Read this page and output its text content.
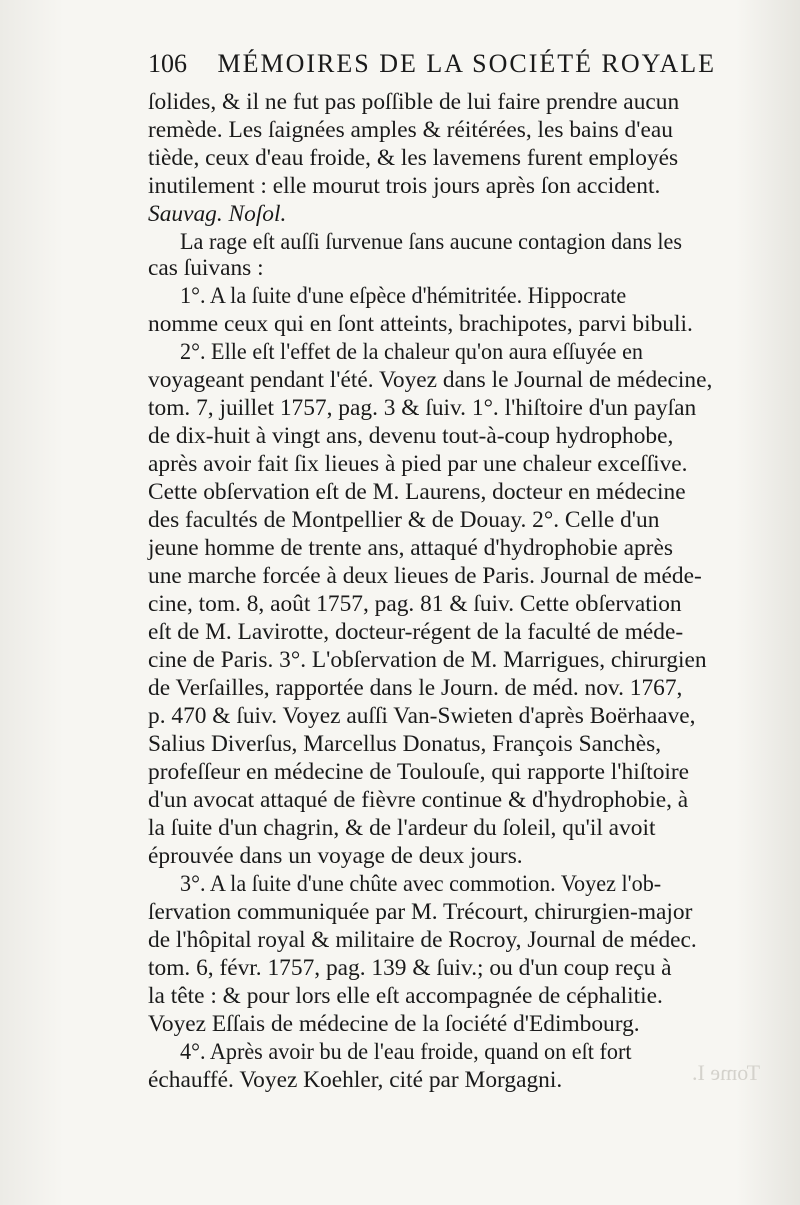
106 MÉMOIRES DE LA SOCIÉTÉ ROYALE
ſolides, & il ne fut pas poſſible de lui faire prendre aucun
remède. Les ſaignées amples & réitérées, les bains d'eau
tiède, ceux d'eau froide, & les lavemens furent employés
inutilement : elle mourut trois jours après ſon accident.
Sauvag. Noſol.
La rage eſt auſſi ſurvenue ſans aucune contagion dans les
cas ſuivans :
1°. A la ſuite d'une eſpèce d'hémitritée. Hippocrate
nomme ceux qui en ſont atteints, brachipotes, parvi bibuli.
2°. Elle eſt l'effet de la chaleur qu'on aura eſſuyée en
voyageant pendant l'été. Voyez dans le Journal de médecine,
tom. 7, juillet 1757, pag. 3 & ſuiv. 1°. l'hiſtoire d'un payſan
de dix-huit à vingt ans, devenu tout-à-coup hydrophobe,
après avoir fait ſix lieues à pied par une chaleur exceſſive.
Cette obſervation eſt de M. Laurens, docteur en médecine
des facultés de Montpellier & de Douay. 2°. Celle d'un
jeune homme de trente ans, attaqué d'hydrophobie après
une marche forcée à deux lieues de Paris. Journal de méde-
cine, tom. 8, août 1757, pag. 81 & ſuiv. Cette obſervation
eſt de M. Lavirotte, docteur-régent de la faculté de méde-
cine de Paris. 3°. L'obſervation de M. Marrigues, chirurgien
de Verſailles, rapportée dans le Journ. de méd. nov. 1767,
p. 470 & ſuiv. Voyez auſſi Van-Swieten d'après Boërhaave,
Salius Diverſus, Marcellus Donatus, François Sanchès,
profeſſeur en médecine de Toulouſe, qui rapporte l'hiſtoire
d'un avocat attaqué de fièvre continue & d'hydrophobie, à
la ſuite d'un chagrin, & de l'ardeur du ſoleil, qu'il avoit
éprouvée dans un voyage de deux jours.
3°. A la ſuite d'une chûte avec commotion. Voyez l'ob-
ſervation communiquée par M. Trécourt, chirurgien-major
de l'hôpital royal & militaire de Rocroy, Journal de médec.
tom. 6, févr. 1757, pag. 139 & ſuiv.; ou d'un coup reçu à
la tête : & pour lors elle eſt accompagnée de céphalitie.
Voyez Eſſais de médecine de la ſociété d'Edimbourg.
4°. Après avoir bu de l'eau froide, quand on eſt fort
échauffé. Voyez Koehler, cité par Morgagni.	Tome I.
